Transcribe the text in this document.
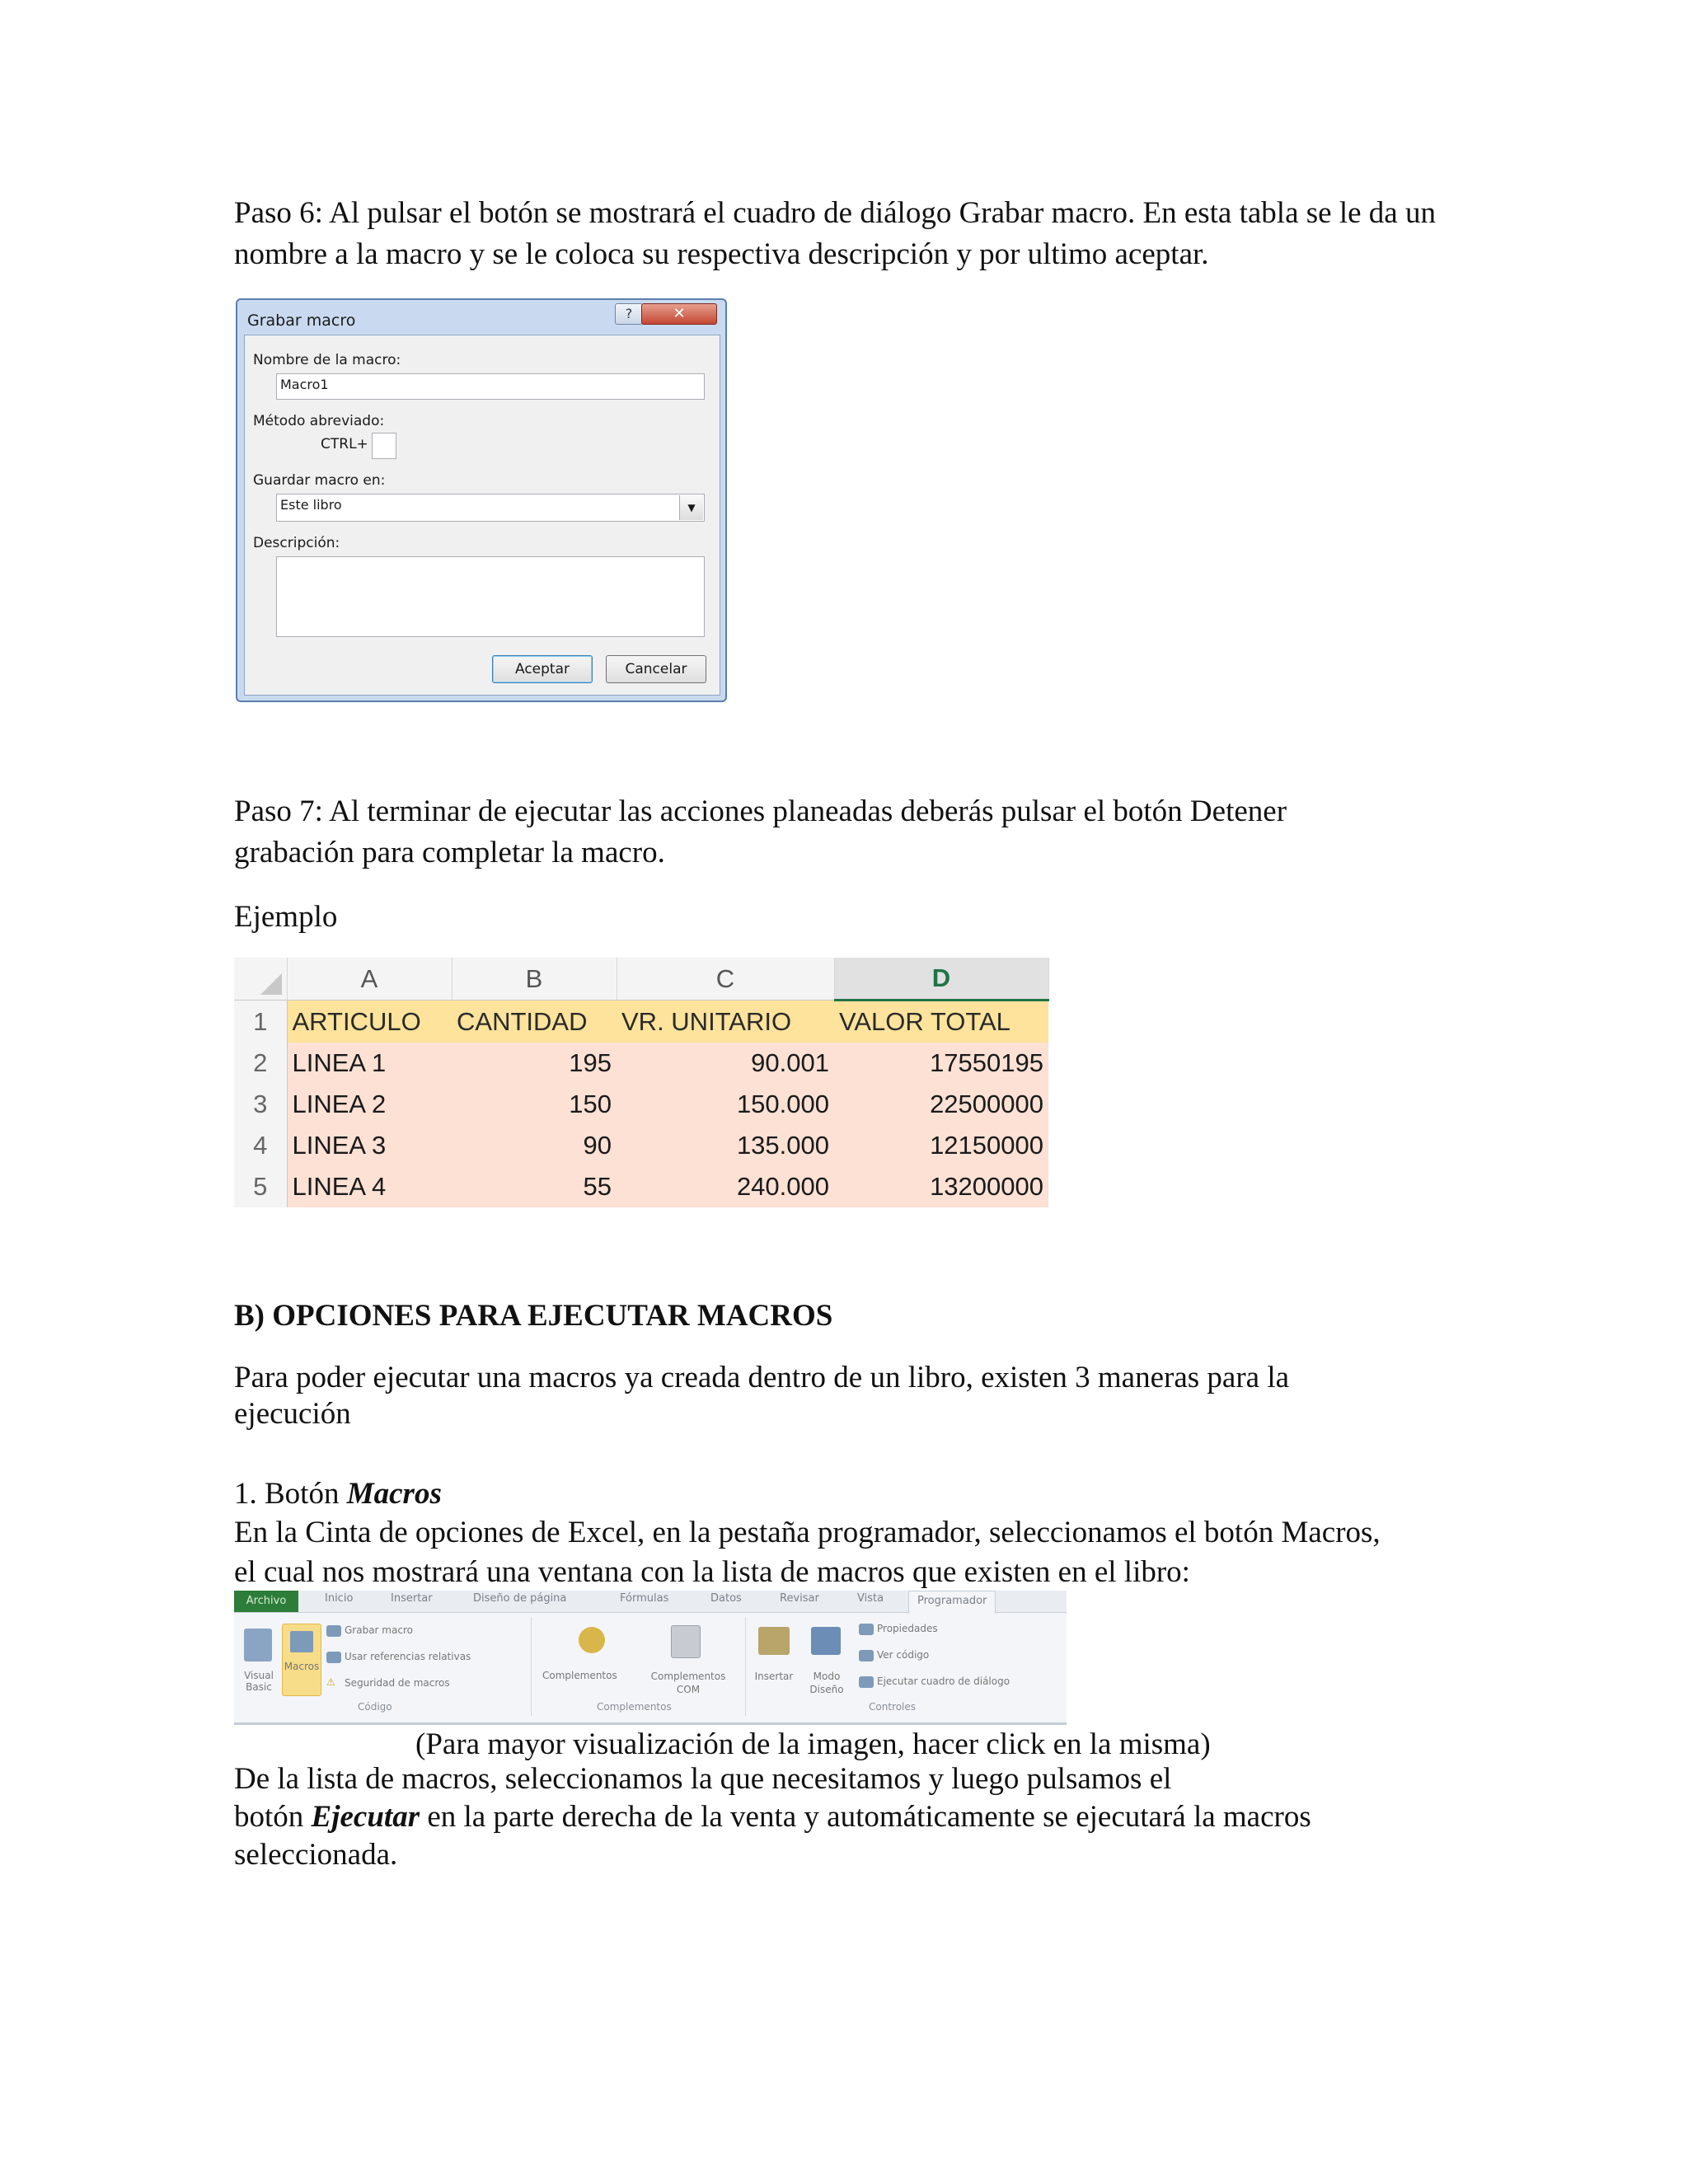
Paso 6: Al pulsar el botón se mostrará el cuadro de diálogo Grabar macro. En esta tabla se le da un nombre a la macro y se le coloca su respectiva descripción y por ultimo aceptar.

Grabar macro	?	✕
Nombre de la macro:
Macro1
Método abreviado:
CTRL+
Guardar macro en:
Este libro	▼
Descripción:
Aceptar	Cancelar

Paso 7: Al terminar de ejecutar las acciones planeadas deberás pulsar el botón Detener grabación para completar la macro.

Ejemplo

	A	B	C	D
1	ARTICULO	CANTIDAD	VR. UNITARIO	VALOR TOTAL
2	LINEA 1	195	90.001	17550195
3	LINEA 2	150	150.000	22500000
4	LINEA 3	90	135.000	12150000
5	LINEA 4	55	240.000	13200000

B) OPCIONES PARA EJECUTAR MACROS

Para poder ejecutar una macros ya creada dentro de un libro, existen 3 maneras para la ejecución

1. Botón Macros

En la Cinta de opciones de Excel, en la pestaña programador, seleccionamos el botón Macros, el cual nos mostrará una ventana con la lista de macros que existen en el libro:

Archivo	Inicio	Insertar	Diseño de página	Fórmulas	Datos	Revisar	Vista	Programador
Visual Basic
Macros
Grabar macro
Usar referencias relativas
⚠ Seguridad de macros
Código
Complementos	Complementos COM
Complementos
Insertar	Modo Diseño
Propiedades
Ver código
Ejecutar cuadro de diálogo
Controles

(Para mayor visualización de la imagen, hacer click en la misma)

De la lista de macros, seleccionamos la que necesitamos y luego pulsamos el

botón Ejecutar en la parte derecha de la venta y automáticamente se ejecutará la macros seleccionada.
